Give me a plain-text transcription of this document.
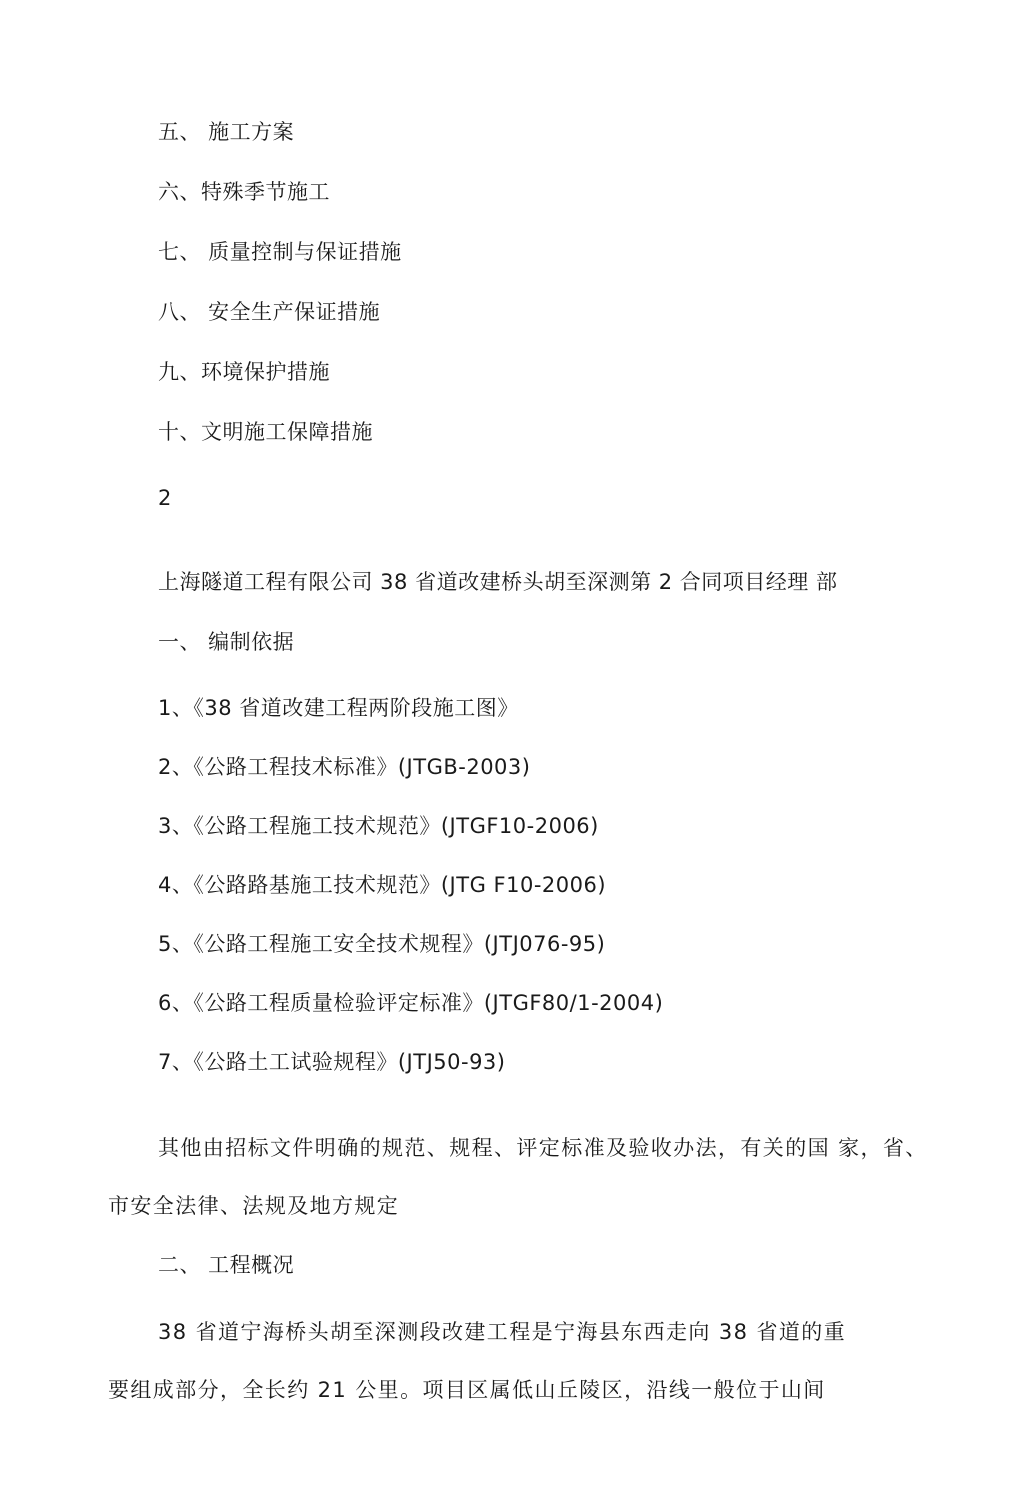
五、 施工方案
六、特殊季节施工
七、 质量控制与保证措施
八、 安全生产保证措施
九、环境保护措施
十、文明施工保障措施
2
上海隧道工程有限公司 38 省道改建桥头胡至深测第 2 合同项目经理 部
一、 编制依据
1、《38 省道改建工程两阶段施工图》
2、《公路工程技术标准》(JTGB-2003)
3、《公路工程施工技术规范》(JTGF10-2006)
4、《公路路基施工技术规范》(JTG F10-2006)
5、《公路工程施工安全技术规程》(JTJ076-95)
6、《公路工程质量检验评定标准》(JTGF80/1-2004)
7、《公路土工试验规程》(JTJ50-93)
其他由招标文件明确的规范、规程、评定标准及验收办法，有关的国 家，省、
市安全法律、法规及地方规定
二、 工程概况
38 省道宁海桥头胡至深测段改建工程是宁海县东西走向 38 省道的重
要组成部分，全长约 21 公里。项目区属低山丘陵区，沿线一般位于山间
